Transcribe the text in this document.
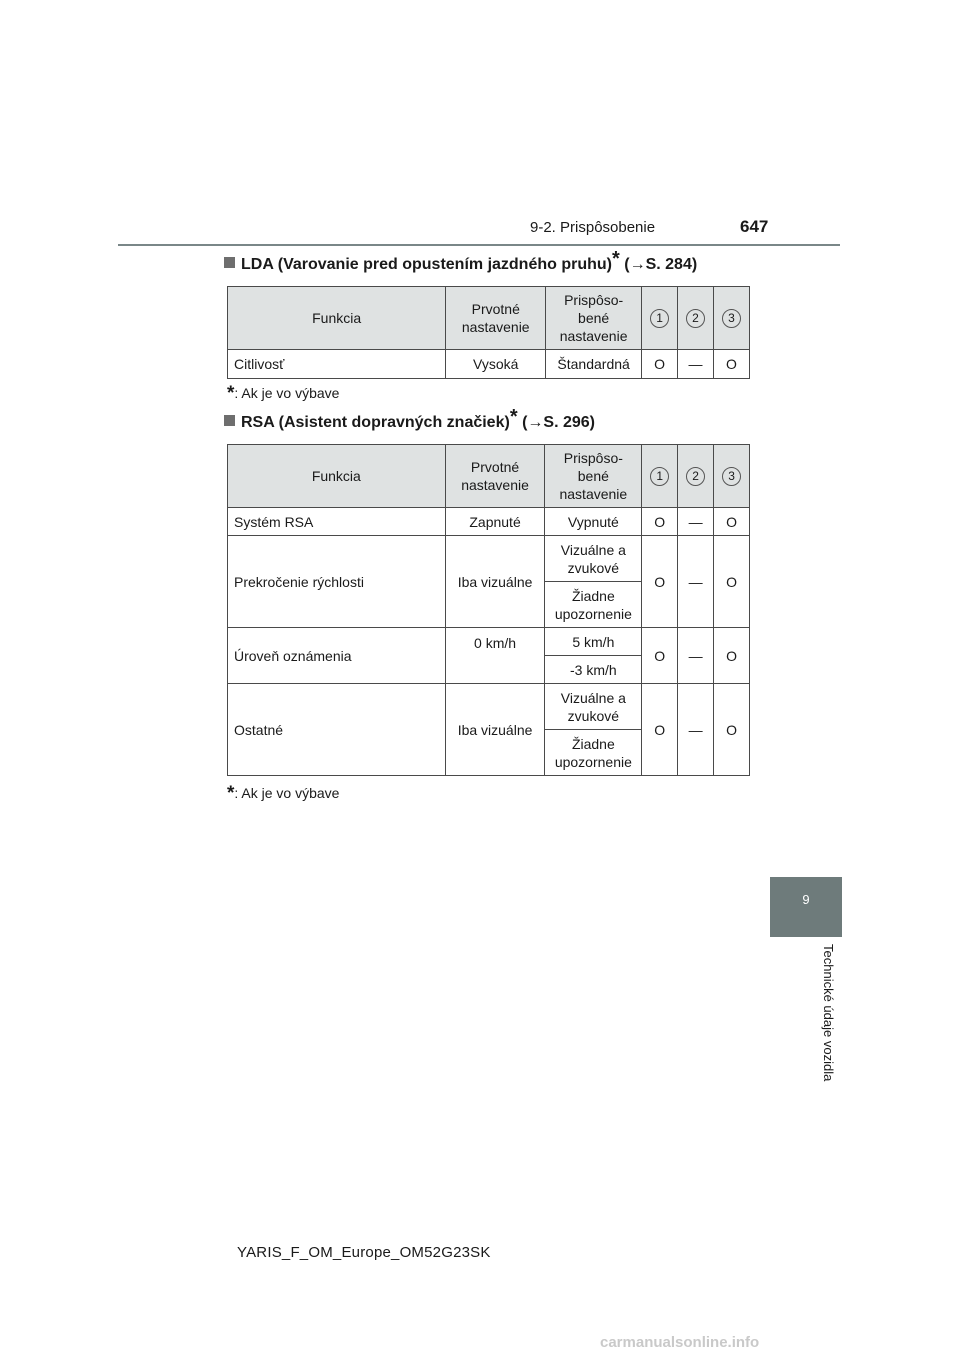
9-2. Prispôsobenie	647
9
Technické údaje vozidla
LDA (Varovanie pred opustením jazdného pruhu)* (→S. 284)
Funkcia	Prvotné nastavenie	Prispôso-bené nastavenie	1	2	3
Citlivosť	Vysoká	Štandardná	O	—	O
*: Ak je vo výbave
RSA (Asistent dopravných značiek)* (→S. 296)
Funkcia	Prvotné nastavenie	Prispôso-bené nastavenie	1	2	3
Systém RSA	Zapnuté	Vypnuté	O	—	O
Prekročenie rýchlosti	Iba vizuálne	Vizuálne a zvukové	O	—	O
		Žiadne upozornenie			
Úroveň oznámenia	0 km/h	5 km/h	O	—	O
		-3 km/h			
Ostatné	Iba vizuálne	Vizuálne a zvukové	O	—	O
		Žiadne upozornenie			
*: Ak je vo výbave
YARIS_F_OM_Europe_OM52G23SK
carmanualsonline.info
